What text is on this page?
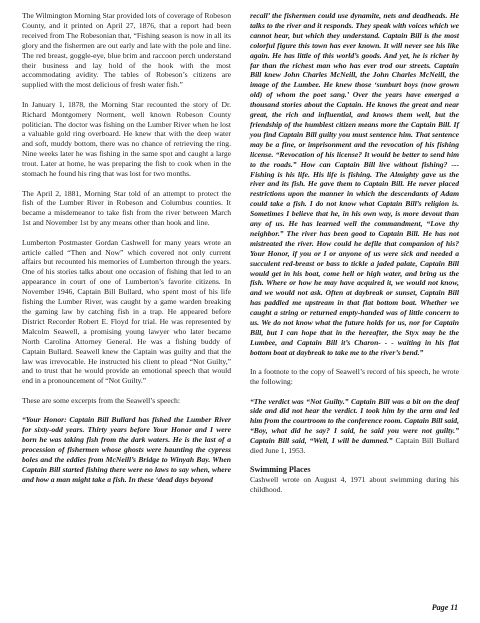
The Wilmington Morning Star provided lots of coverage of Robeson County, and it printed on April 27, 1876, that a report had been received from The Robesonian that, “Fishing season is now in all its glory and the fishermen are out early and late with the pole and line. The red breast, goggle-eye, blue brim and raccoon perch understand their business and lay hold of the hook with the most accommodating avidity. The tables of Robeson’s citizens are supplied with the most delicious of fresh water fish.”

In January 1, 1878, the Morning Star recounted the story of Dr. Richard Montgomery Norment, well known Robeson County politician. The doctor was fishing on the Lumber River when he lost a valuable gold ring overboard. He knew that with the deep water and soft, muddy bottom, there was no chance of retrieving the ring. Nine weeks later he was fishing in the same spot and caught a large trout. Later at home, he was preparing the fish to cook when in the stomach he found his ring that was lost for two months.

The April 2, 1881, Morning Star told of an attempt to protect the fish of the Lumber River in Robeson and Columbus counties. It became a misdemeanor to take fish from the river between March 1st and November 1st by any means other than hook and line.

Lumberton Postmaster Gordan Cashwell for many years wrote an article called “Then and Now” which covered not only current affairs but recounted his memories of Lumberton through the years. One of his stories talks about one occasion of fishing that led to an appearance in court of one of Lumberton’s favorite citizens. In November 1946, Captain Bill Bullard, who spent most of his life fishing the Lumber River, was caught by a game warden breaking the gaming law by catching fish in a trap. He appeared before District Recorder Robert E. Floyd for trial. He was represented by Malcolm Seawell, a promising young lawyer who later became North Carolina Attorney General. He was a fishing buddy of Captain Bullard. Seawell knew the Captain was guilty and that the law was irrevocable. He instructed his client to plead “Not Guilty,” and to trust that he would provide an emotional speech that would end in a pronouncement of “Not Guilty.”

These are some excerpts from the Seawell’s speech:

“Your Honor: Captain Bill Bullard has fished the Lumber River for sixty-odd years. Thirty years before Your Honor and I were born he was taking fish from the dark waters. He is the last of a procession of fishermen whose ghosts were haunting the cypress boles and the eddies from McNeill’s Bridge to Winyah Bay. When Captain Bill started fishing there were no laws to say when, where and how a man might take a fish. In these ‘dead days beyond

recall’ the fishermen could use dynamite, nets and deadheads. He talks to the river and it responds. They speak with voices which we cannot hear, but which they understand. Captain Bill is the most colorful figure this town has ever known. It will never see his like again. He has little of this world’s goods. And yet, he is richer by far than the richest man who has ever trod our streets. Captain Bill knew John Charles McNeill, the John Charles McNeill, the image of the Lumbee. He knew those ‘sunburt boys (now grown old) of whom the poet sang.’ Over the years have emerged a thousand stories about the Captain. He knows the great and near great, the rich and influential, and knows them well, but the friendship of the humblest citizen means more the Captain Bill. If you find Captain Bill guilty you must sentence him. That sentence may be a fine, or imprisonment and the revocation of his fishing license. “Revocation of his license? It would be better to send him to the roads.” How can Captain Bill live without fishing? --- Fishing is his life. His life is fishing. The Almighty gave us the river and its fish. He gave them to Captain Bill. He never placed restrictions upon the manner in which the descendants of Adam could take a fish. I do not know what Captain Bill’s religion is. Sometimes I believe that he, in his own way, is more devout than any of us. He has learned well the commandment, “Love thy neighbor.” The river has been good to Captain Bill. He has not mistreated the river. How could he defile that companion of his? Your Honor, if you or I or anyone of us were sick and needed a succulent red-breast or bass to tickle a jaded palate, Captain Bill would get in his boat, come hell or high water, and bring us the fish. Where or how he may have acquired it, we would not know, and we would not ask. Often at daybreak or sunset, Captain Bill has paddled me upstream in that flat bottom boat. Whether we caught a string or returned empty-handed was of little concern to us. We do not know what the future holds for us, nor for Captain Bill, but I can hope that in the hereafter, the Styx may be the Lumbee, and Captain Bill it’s Charon- - - waiting in his flat bottom boat at daybreak to take me to the river’s bend.”

In a footnote to the copy of Seawell’s record of his speech, he wrote the following:

“The verdict was “Not Guilty.” Captain Bill was a bit on the deaf side and did not hear the verdict. I took him by the arm and led him from the courtroom to the conference room. Captain Bill said, “Boy, what did he say? I said, he said you were not guilty.” Captain Bill said, “Well, I will be damned.” Captain Bill Bullard died June 1, 1953.

Swimming Places

Cashwell wrote on August 4, 1971 about swimming during his childhood.

Page 11
